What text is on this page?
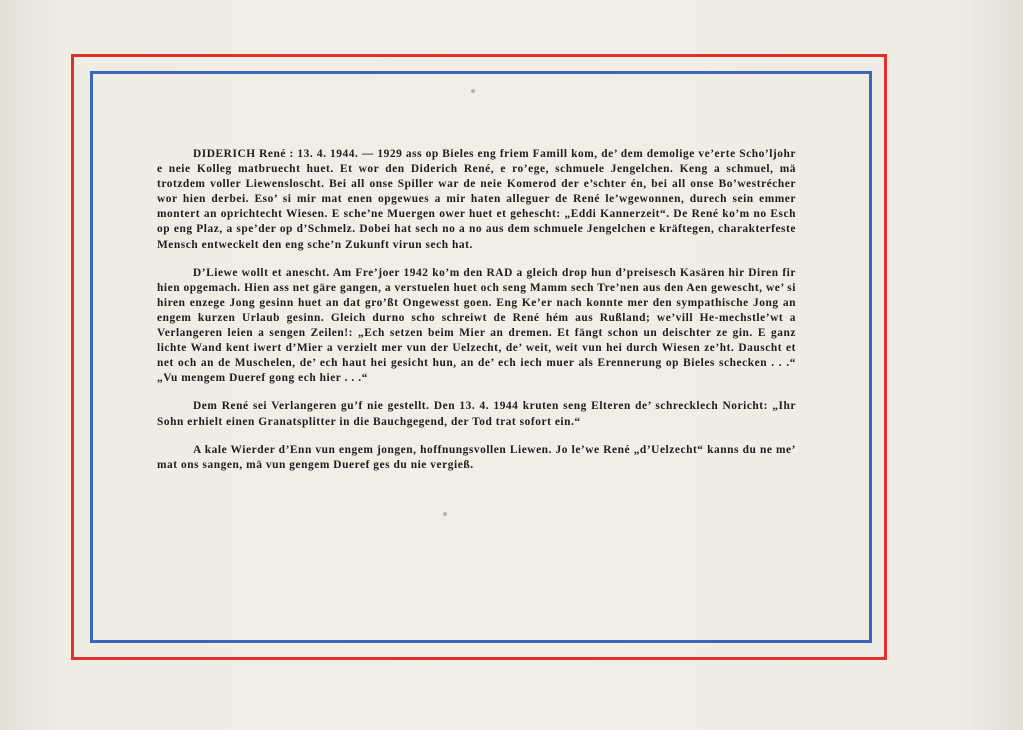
DIDERICH René : 13. 4. 1944. — 1929 ass op Bieles eng friem Famill kom, de’ dem demolige ve’erte Scho’ljohr e neie Kolleg matbruecht huet. Et wor den Diderich René, e ro’ege, schmuele Jengelchen. Keng a schmuel, mä trotzdem voller Liewensloscht. Bei all onse Spiller war de neie Komerod der e’schter én, bei all onse Bo’westrécher wor hien derbei. Eso’ si mir mat enen opgewues a mir haten alleguer de René le’wgewonnen, durech sein emmer montert an oprichtecht Wiesen. E sche’ne Muergen ower huet et gehescht: „Eddi Kannerzeit“. De René ko’m no Esch op eng Plaz, a spe’der op d’Schmelz. Dobei hat sech no a no aus dem schmuele Jengelchen e kräftegen, charakterfeste Mensch entweckelt den eng sche’n Zukunft virun sech hat.

D’Liewe wollt et anescht. Am Fre’joer 1942 ko’m den RAD a gleich drop hun d’preisesch Kasären hir Diren fir hien opgemach. Hien ass net gäre gangen, a verstuelen huet och seng Mamm sech Tre’nen aus den Aen gewescht, we’ si hiren enzege Jong gesinn huet an dat gro’ßt Ongewesst goen. Eng Ke’er nach konnte mer den sympathische Jong an engem kurzen Urlaub gesinn. Gleich durno scho schreiwt de René hém aus Rußland; we’vill He-mechstle’wt a Verlangeren leien a sengen Zeilen!: „Ech setzen beim Mier an dremen. Et fängt schon un deischter ze gin. E ganz lichte Wand kent iwert d’Mier a verzielt mer vun der Uelzecht, de’ weit, weit vun hei durch Wiesen ze’ht. Dauscht et net och an de Muschelen, de’ ech haut hei gesicht hun, an de’ ech iech muer als Erennerung op Bieles schecken . . .“ „Vu mengem Dueref gong ech hier . . .“

Dem René sei Verlangeren gu’f nie gestellt. Den 13. 4. 1944 kruten seng Elteren de’ schrecklech Noricht: „Ihr Sohn erhielt einen Granatsplitter in die Bauchgegend, der Tod trat sofort ein.“

A kale Wierder d’Enn vun engem jongen, hoffnungsvollen Liewen. Jo le’we René „d’Uelzecht“ kanns du ne me’ mat ons sangen, mä vun gengem Dueref ges du nie vergieß.
